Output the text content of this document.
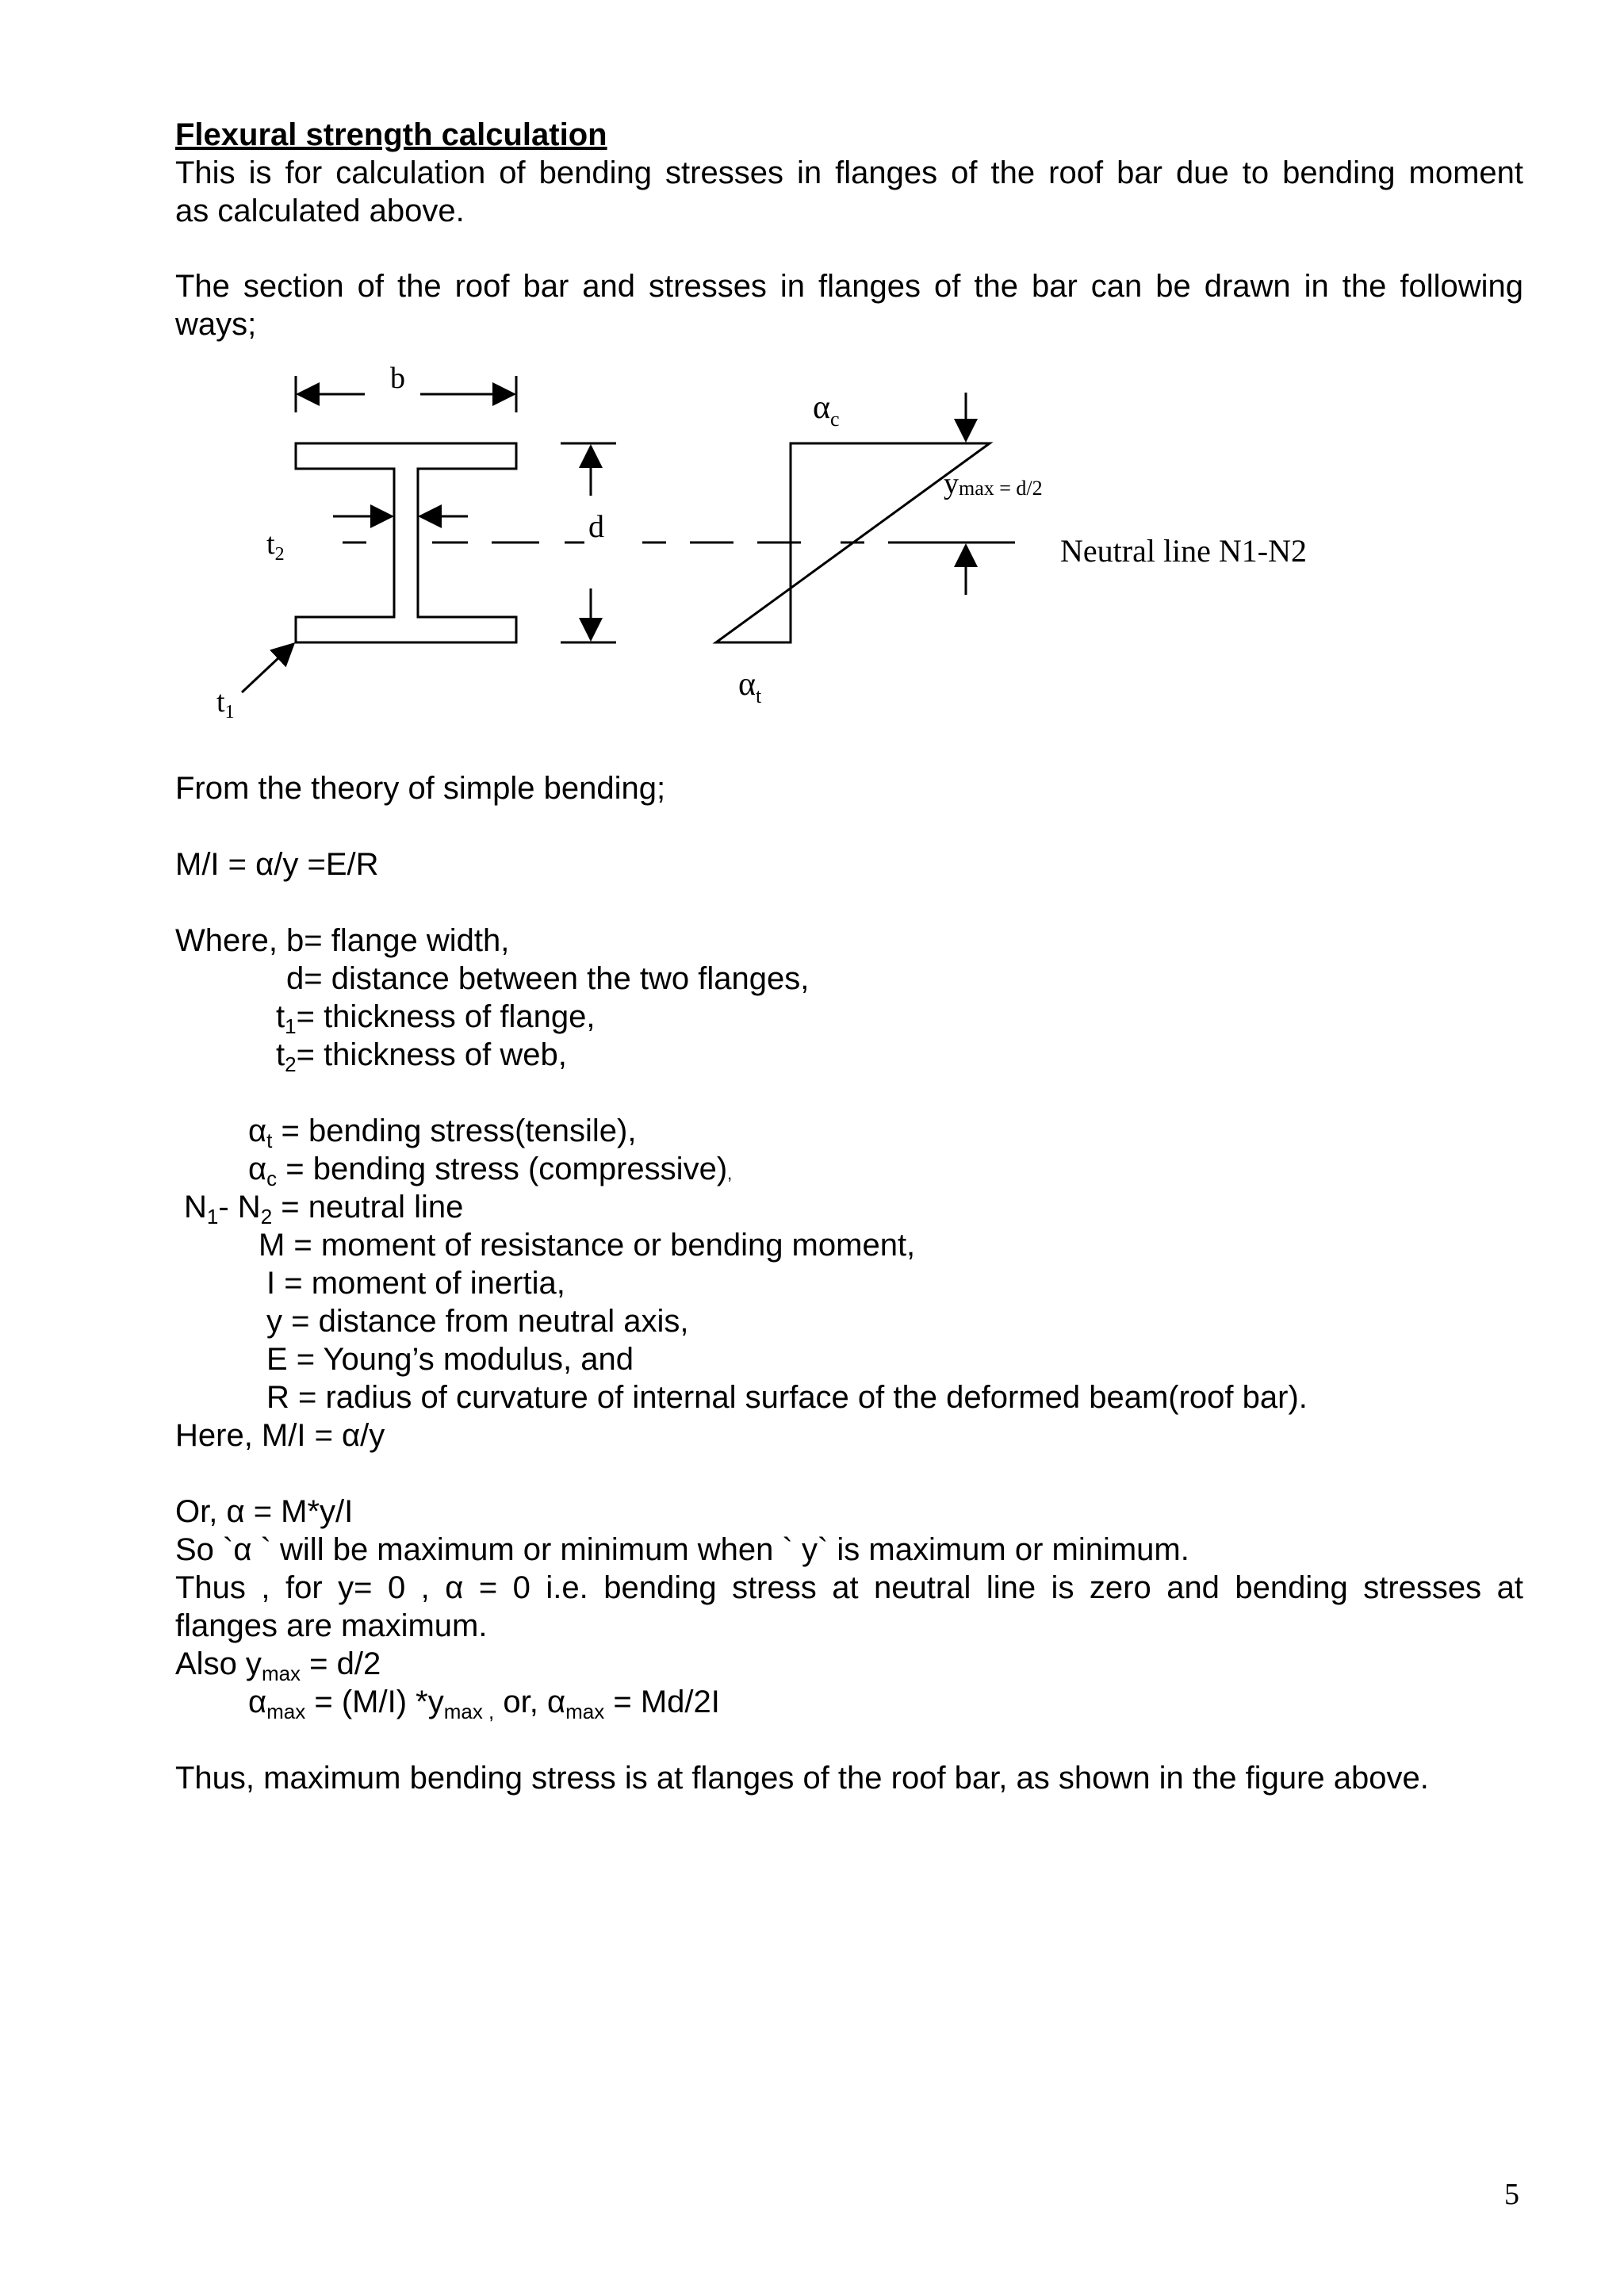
Flexural strength calculation
This is for calculation of bending stresses in flanges of the roof bar due to bending moment
as calculated above.
The section of the roof bar and stresses in flanges of the bar can be drawn in the following
ways;
b
d
$t_2$
$t_1$
$\alpha_c$
$\alpha_t$
ymax = d/2
Neutral line N1-N2
From the theory of simple bending;
M/I = α/y =E/R
Where, b= flange width,
d= distance between the two flanges,
$t_1=$ thickness of flange,
$t_2=$ thickness of web,
$\alpha_t$ = bending stress(tensile),
$\alpha_c$ = bending stress (compressive),
$N_1-$ $N_2$ = neutral line
M = moment of resistance or bending moment,
I = moment of inertia,
y = distance from neutral axis,
E = Young’s modulus, and
R = radius of curvature of internal surface of the deformed beam(roof bar).
Here, M/I = α/y
Or, α = M*y/I
So `α ` will be maximum or minimum when ` y` is maximum or minimum.
Thus , for y= 0 , α = 0 i.e. bending stress at neutral line is zero and bending stresses at
flanges are maximum.
Also $y_{max} = d/2$
$\alpha_{max} = (M/I)$ $*y_{max ,}$ or, $\alpha_{max} = Md/2I$
Thus, maximum bending stress is at flanges of the roof bar, as shown in the figure above.
5
